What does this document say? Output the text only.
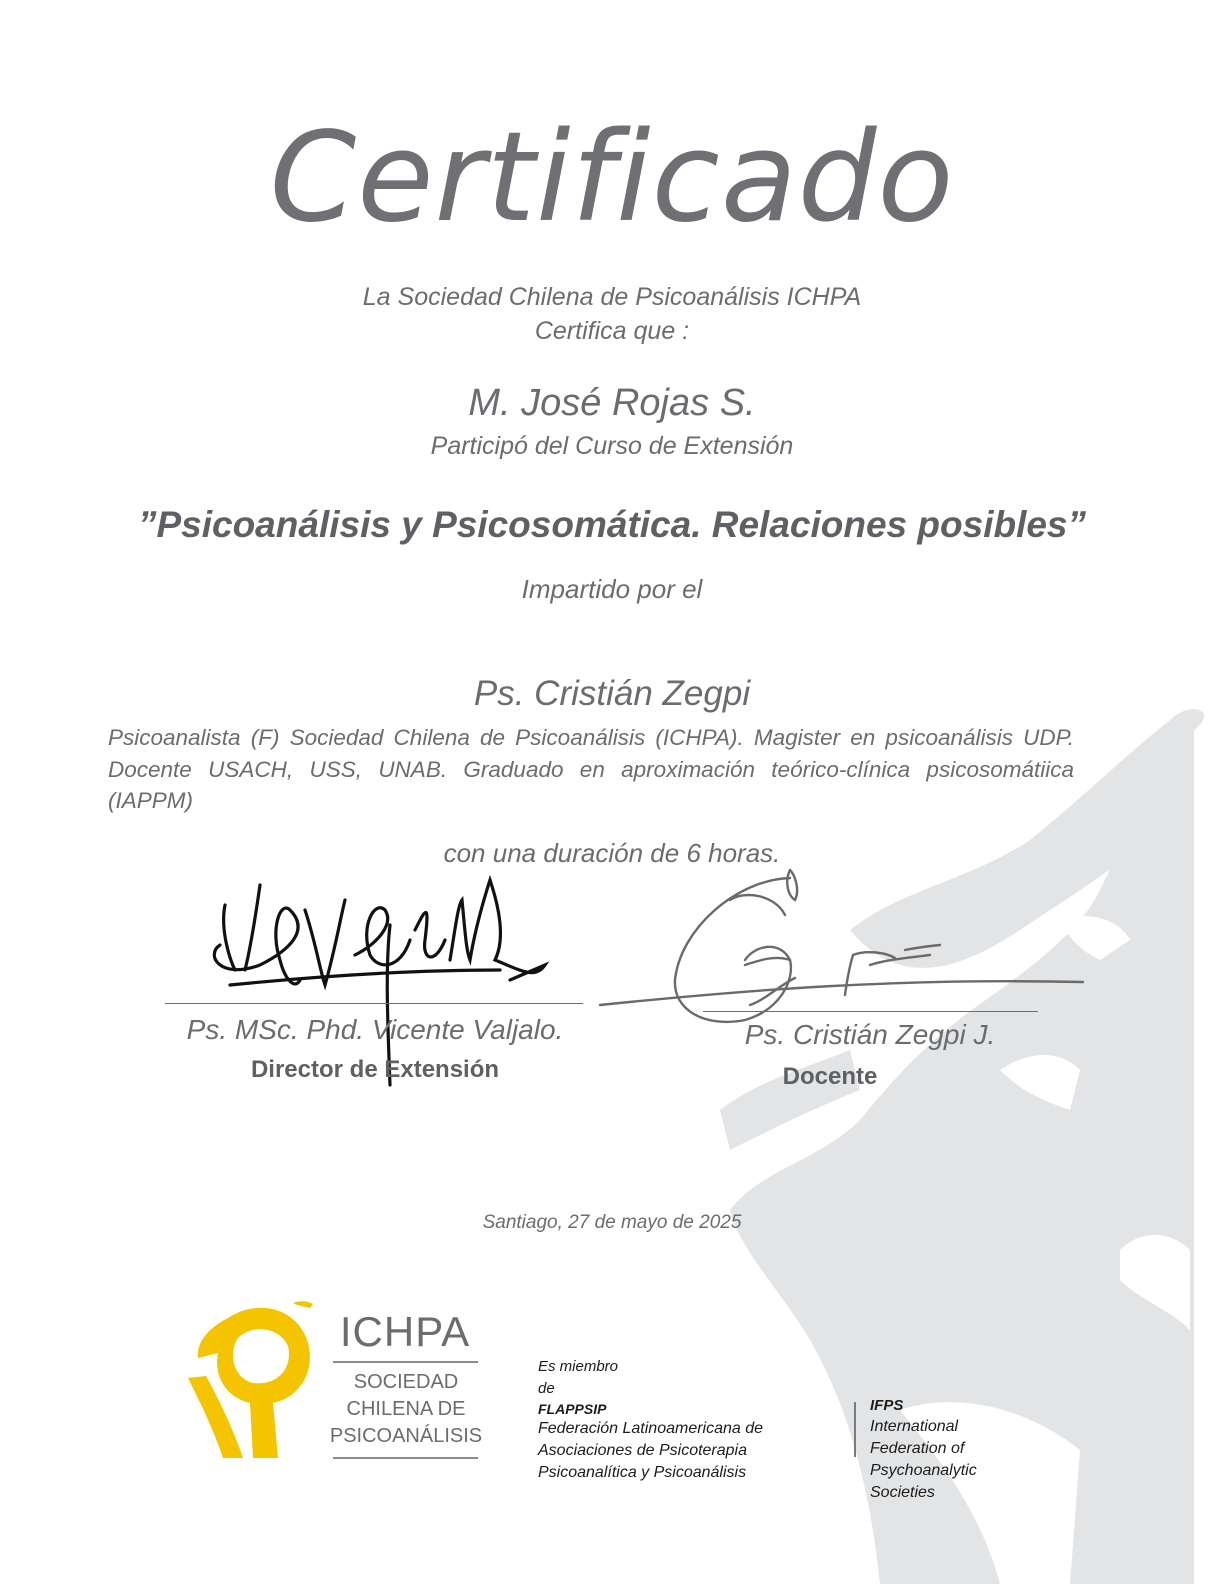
Certificado
La Sociedad Chilena de Psicoanálisis ICHPA
Certifica que :
M. José Rojas S.
Participó del Curso de Extensión
”Psicoanálisis y Psicosomática. Relaciones posibles”
Impartido por el
Ps. Cristián Zegpi
Psicoanalista (F) Sociedad Chilena de Psicoanálisis (ICHPA). Magister en psicoanálisis UDP. Docente USACH, USS, UNAB. Graduado en aproximación teórico-clínica psicosomátiica (IAPPM)
con una duración de 6 horas.
Ps. MSc. Phd. Vicente Valjalo.
Director de Extensión
Ps. Cristián Zegpi J.
Docente
Santiago, 27 de mayo de 2025
ICHPA
SOCIEDAD
CHILENA DE
PSICOANÁLISIS
Es miembro
de
FLAPPSIP
Federación Latinoamericana de
Asociaciones de Psicoterapia
Psicoanalítica y Psicoanálisis
IFPS
International
Federation of
Psychoanalytic
Societies
